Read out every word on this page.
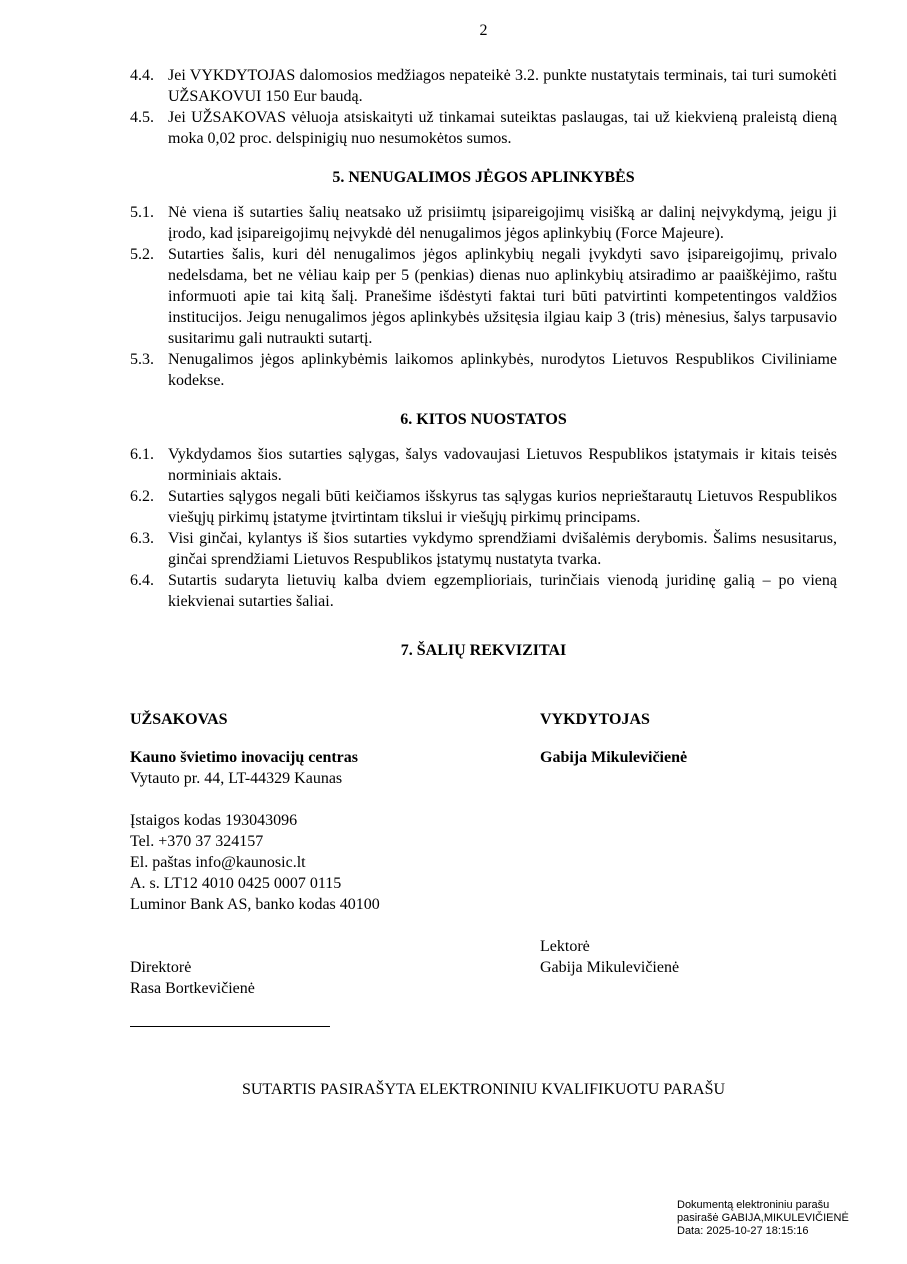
2
4.4. Jei VYKDYTOJAS dalomosios medžiagos nepateikė 3.2. punkte nustatytais terminais, tai turi sumokėti UŽSAKOVUI 150 Eur baudą.
4.5. Jei UŽSAKOVAS vėluoja atsiskaityti už tinkamai suteiktas paslaugas, tai už kiekvieną praleistą dieną moka 0,02 proc. delspinigių nuo nesumokėtos sumos.
5. NENUGALIMOS JĖGOS APLINKYBĖS
5.1. Nė viena iš sutarties šalių neatsako už prisiimtų įsipareigojimų visišką ar dalinį neįvykdymą, jeigu ji įrodo, kad įsipareigojimų neįvykdė dėl nenugalimos jėgos aplinkybių (Force Majeure).
5.2. Sutarties šalis, kuri dėl nenugalimos jėgos aplinkybių negali įvykdyti savo įsipareigojimų, privalo nedelsdama, bet ne vėliau kaip per 5 (penkias) dienas nuo aplinkybių atsiradimo ar paaiškėjimo, raštu informuoti apie tai kitą šalį. Pranešime išdėstyti faktai turi būti patvirtinti kompetentingos valdžios institucijos. Jeigu nenugalimos jėgos aplinkybės užsitęsia ilgiau kaip 3 (tris) mėnesius, šalys tarpusavio susitarimu gali nutraukti sutartį.
5.3. Nenugalimos jėgos aplinkybėmis laikomos aplinkybės, nurodytos Lietuvos Respublikos Civiliniame kodekse.
6. KITOS NUOSTATOS
6.1. Vykdydamos šios sutarties sąlygas, šalys vadovaujasi Lietuvos Respublikos įstatymais ir kitais teisės norminiais aktais.
6.2. Sutarties sąlygos negali būti keičiamos išskyrus tas sąlygas kurios neprieštarautų Lietuvos Respublikos viešųjų pirkimų įstatyme įtvirtintam tikslui ir viešųjų pirkimų principams.
6.3. Visi ginčai, kylantys iš šios sutarties vykdymo sprendžiami dvišalėmis derybomis. Šalims nesusitarus, ginčai sprendžiami Lietuvos Respublikos įstatymų nustatyta tvarka.
6.4. Sutartis sudaryta lietuvių kalba dviem egzemplioriais, turinčiais vienodą juridinę galią – po vieną kiekvienai sutarties šaliai.
7. ŠALIŲ REKVIZITAI
UŽSAKOVAS
Kauno švietimo inovacijų centras
Vytauto pr. 44, LT-44329 Kaunas
Įstaigos kodas 193043096
Tel. +370 37 324157
El. paštas info@kaunosic.lt
A. s. LT12 4010 0425 0007 0115
Luminor Bank AS, banko kodas 40100
Direktorė
Rasa Bortkevičienė
VYKDYTOJAS
Gabija Mikulevičienė
Lektorė
Gabija Mikulevičienė
SUTARTIS PASIRAŠYTA ELEKTRONINIU KVALIFIKUOTU PARAŠU
Dokumentą elektroniniu parašu
pasirašė GABIJA,MIKULEVIČIENĖ
Data: 2025-10-27 18:15:16
